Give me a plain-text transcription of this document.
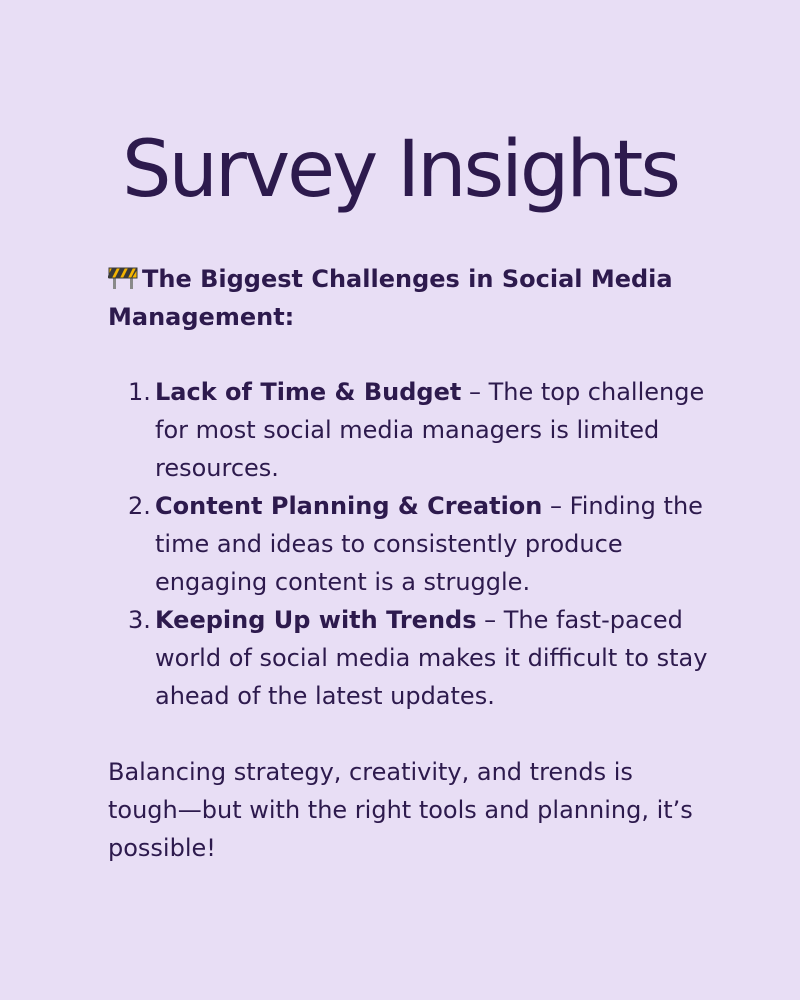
Survey Insights

The Biggest Challenges in Social Media Management:

1. Lack of Time & Budget – The top challenge for most social media managers is limited resources.
2. Content Planning & Creation – Finding the time and ideas to consistently produce engaging content is a struggle.
3. Keeping Up with Trends – The fast-paced world of social media makes it difficult to stay ahead of the latest updates.

Balancing strategy, creativity, and trends is tough—but with the right tools and planning, it’s possible!
